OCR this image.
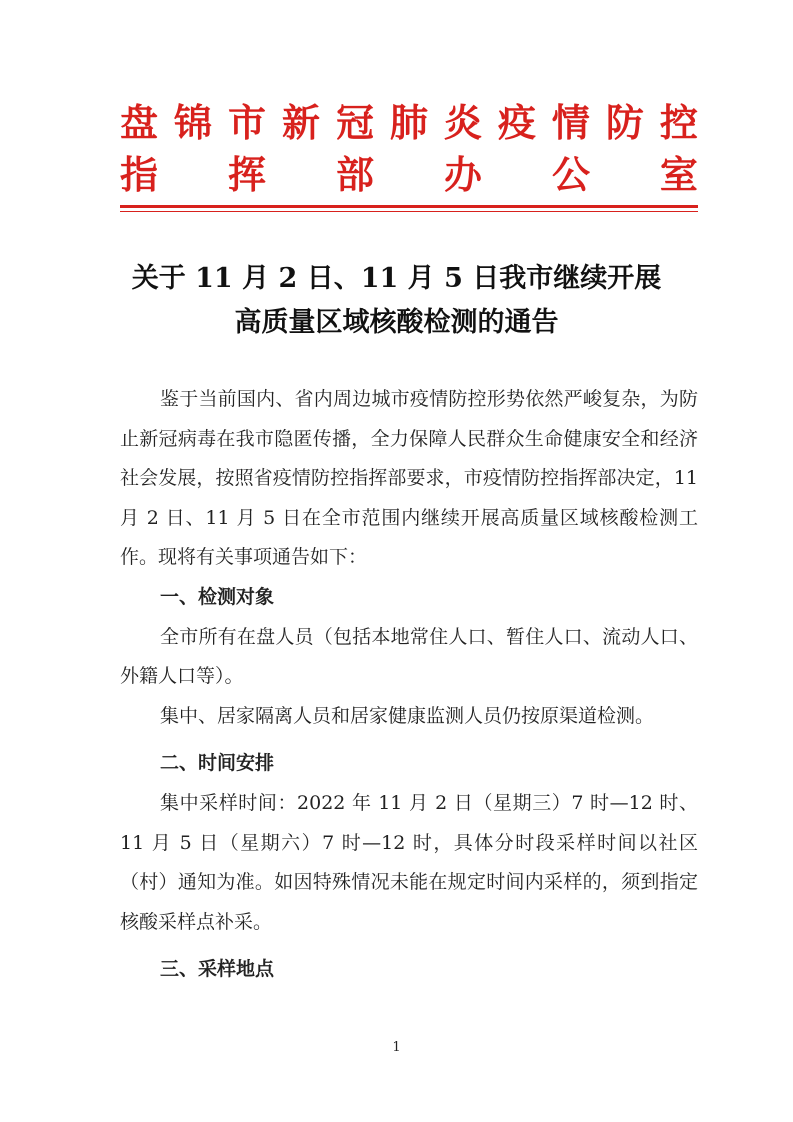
盘 锦 市 新 冠 肺 炎 疫 情 防 控
指 挥 部 办 公 室
关于 11 月 2 日、11 月 5 日我市继续开展
高质量区域核酸检测的通告

鉴于当前国内、省内周边城市疫情防控形势依然严峻复杂，为防止新冠病毒在我市隐匿传播，全力保障人民群众生命健康安全和经济社会发展，按照省疫情防控指挥部要求，市疫情防控指挥部决定，11 月 2 日、11 月 5 日在全市范围内继续开展高质量区域核酸检测工作。现将有关事项通告如下：

一、检测对象

全市所有在盘人员（包括本地常住人口、暂住人口、流动人口、外籍人口等）。

集中、居家隔离人员和居家健康监测人员仍按原渠道检测。

二、时间安排

集中采样时间：2022 年 11 月 2 日（星期三）7 时—12 时、11 月 5 日（星期六）7 时—12 时，具体分时段采样时间以社区（村）通知为准。如因特殊情况未能在规定时间内采样的，须到指定核酸采样点补采。

三、采样地点
1
